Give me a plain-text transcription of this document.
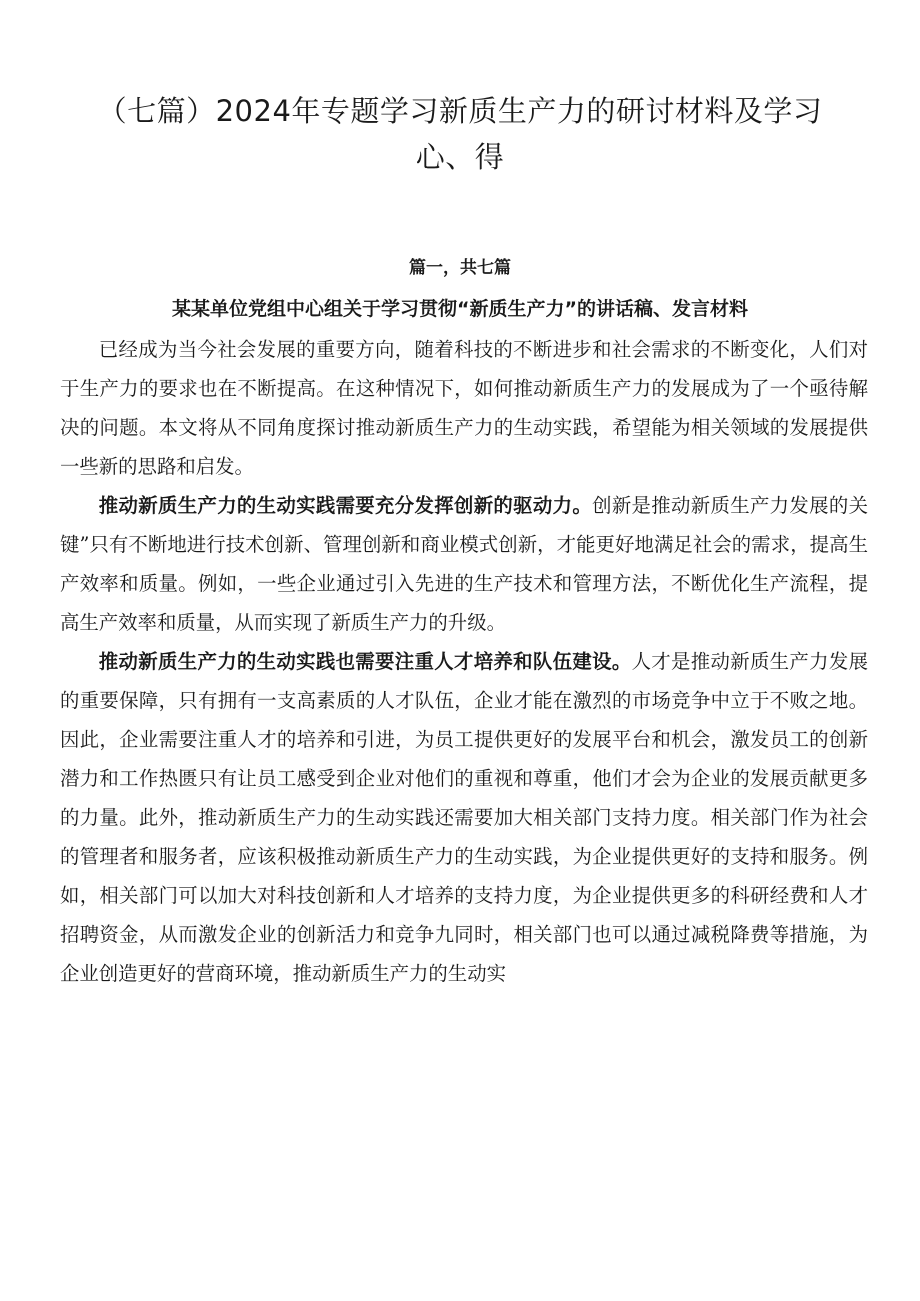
（七篇）2024年专题学习新质生产力的研讨材料及学习心、得
篇一，共七篇
某某单位党组中心组关于学习贯彻“新质生产力”的讲话稿、发言材料

已经成为当今社会发展的重要方向，随着科技的不断进步和社会需求的不断变化，人们对于生产力的要求也在不断提高。在这种情况下，如何推动新质生产力的发展成为了一个亟待解决的问题。本文将从不同角度探讨推动新质生产力的生动实践，希望能为相关领域的发展提供一些新的思路和启发。

推动新质生产力的生动实践需要充分发挥创新的驱动力。创新是推动新质生产力发展的关键”只有不断地进行技术创新、管理创新和商业模式创新，才能更好地满足社会的需求，提高生产效率和质量。例如，一些企业通过引入先进的生产技术和管理方法，不断优化生产流程，提高生产效率和质量，从而实现了新质生产力的升级。

推动新质生产力的生动实践也需要注重人才培养和队伍建设。人才是推动新质生产力发展的重要保障，只有拥有一支高素质的人才队伍，企业才能在激烈的市场竞争中立于不败之地。因此，企业需要注重人才的培养和引进，为员工提供更好的发展平台和机会，激发员工的创新潜力和工作热匮只有让员工感受到企业对他们的重视和尊重，他们才会为企业的发展贡献更多的力量。此外，推动新质生产力的生动实践还需要加大相关部门支持力度。相关部门作为社会的管理者和服务者，应该积极推动新质生产力的生动实践，为企业提供更好的支持和服务。例如，相关部门可以加大对科技创新和人才培养的支持力度，为企业提供更多的科研经费和人才招聘资金，从而激发企业的创新活力和竞争九同时，相关部门也可以通过减税降费等措施，为企业创造更好的营商环境，推动新质生产力的生动实
